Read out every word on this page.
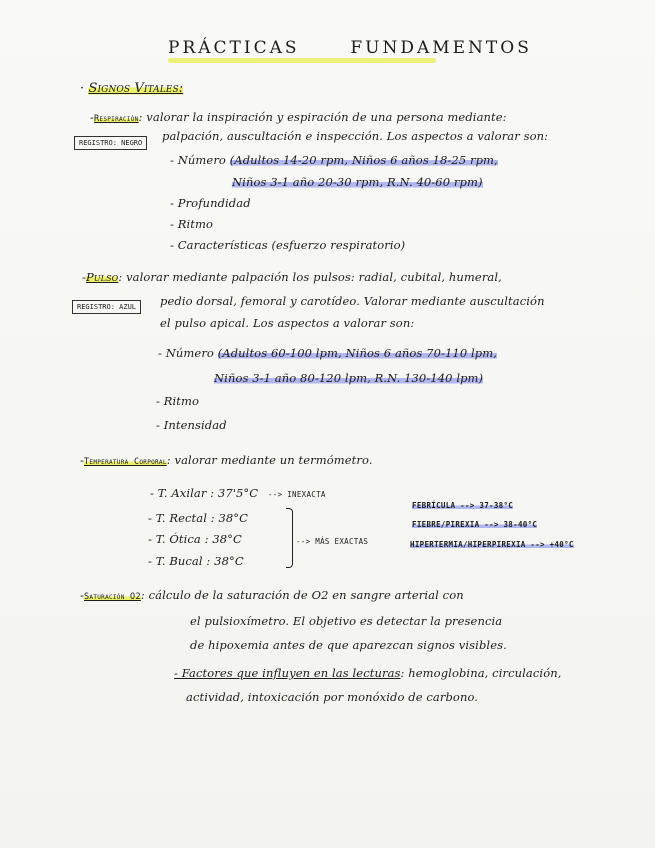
PRÁCTICAS	FUNDAMENTOS
· Signos Vitales:
-Respiración: valorar la inspiración y espiración de una persona mediante:
palpación, auscultación e inspección. Los aspectos a valorar son:
REGISTRO: NEGRO
- Número (Adultos 14-20 rpm, Niños 6 años 18-25 rpm,
Niños 3-1 año 20-30 rpm, R.N. 40-60 rpm)
- Profundidad
- Ritmo
- Características (esfuerzo respiratorio)
-Pulso: valorar mediante palpación los pulsos: radial, cubital, humeral,
REGISTRO: AZUL	pedio dorsal, femoral y carotídeo. Valorar mediante auscultación
el pulso apical. Los aspectos a valorar son:
- Número (Adultos 60-100 lpm, Niños 6 años 70-110 lpm,
Niños 3-1 año 80-120 lpm, R.N. 130-140 lpm)
- Ritmo
- Intensidad
-Temperatura Corporal: valorar mediante un termómetro.
- T. Axilar : 37'5°C --> INEXACTA
- T. Rectal : 38°C
- T. Ótica : 38°C
- T. Bucal : 38°C
--> MÁS EXACTAS
FEBRÍCULA --> 37-38°C
FIEBRE/PIREXIA --> 38-40°C
HIPERTERMIA/HIPERPIREXIA --> +40°C
-Saturación O2: cálculo de la saturación de O2 en sangre arterial con
el pulsioxímetro. El objetivo es detectar la presencia
de hipoxemia antes de que aparezcan signos visibles.
- Factores que influyen en las lecturas: hemoglobina, circulación,
actividad, intoxicación por monóxido de carbono.
